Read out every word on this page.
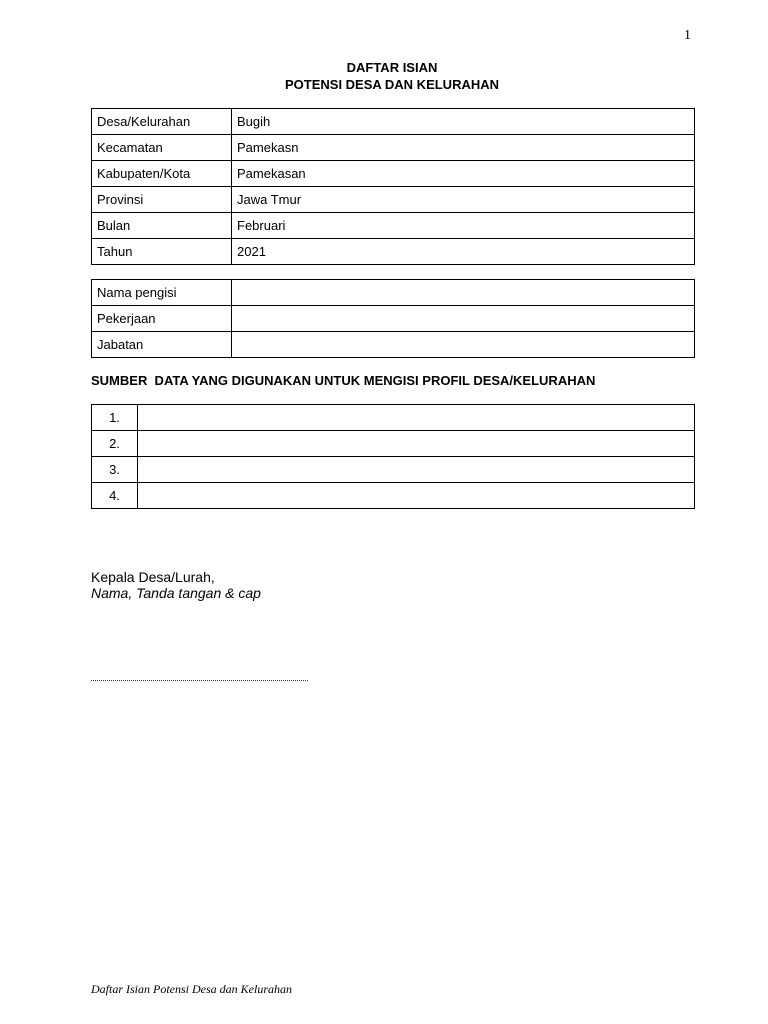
1
DAFTAR ISIAN
POTENSI DESA DAN KELURAHAN
Desa/Kelurahan	Bugih
Kecamatan	Pamekasn
Kabupaten/Kota	Pamekasan
Provinsi	Jawa Tmur
Bulan	Februari
Tahun	2021
Nama pengisi	
Pekerjaan	
Jabatan	
SUMBER  DATA YANG DIGUNAKAN UNTUK MENGISI PROFIL DESA/KELURAHAN
1.	
2.	
3.	
4.	
Kepala Desa/Lurah,
Nama, Tanda tangan & cap
Daftar Isian Potensi Desa dan Kelurahan
